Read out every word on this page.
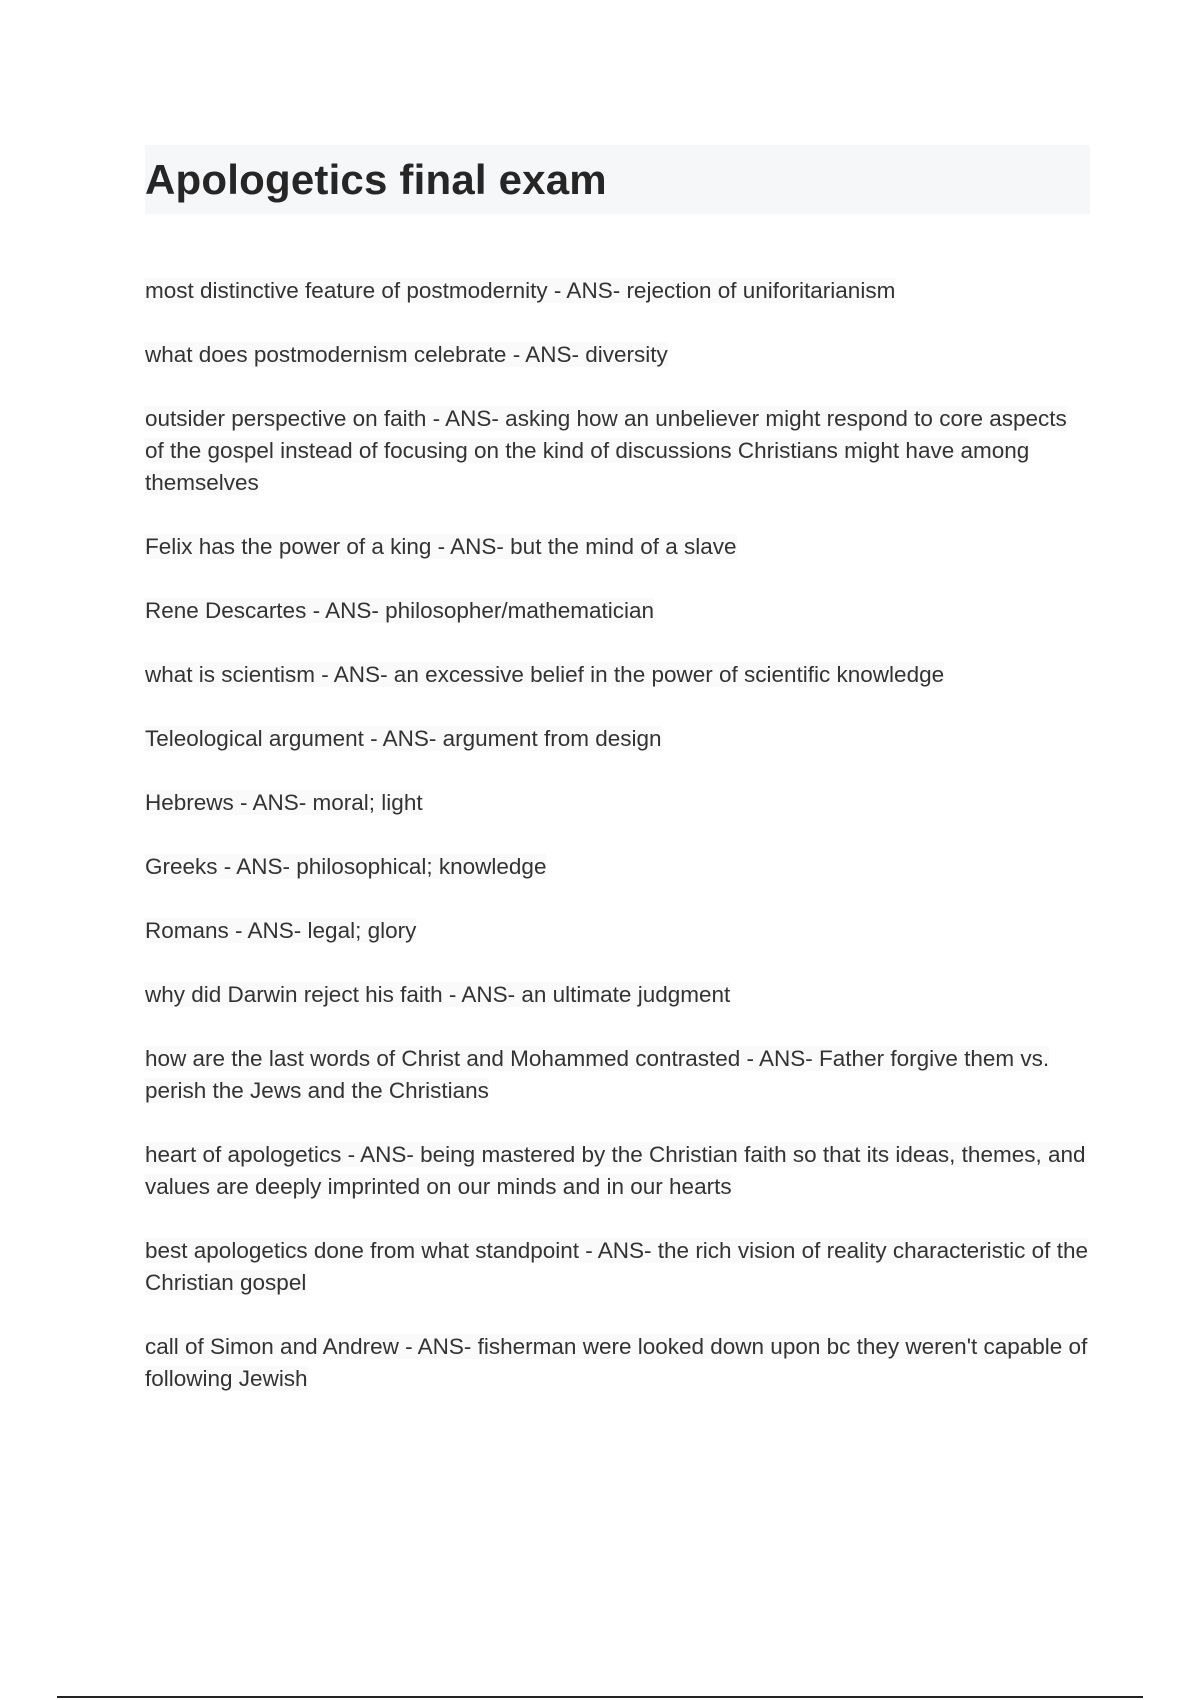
Apologetics final exam
most distinctive feature of postmodernity - ANS- rejection of uniforitarianism
what does postmodernism celebrate - ANS- diversity
outsider perspective on faith - ANS- asking how an unbeliever might respond to core aspects of the gospel instead of focusing on the kind of discussions Christians might have among themselves
Felix has the power of a king - ANS- but the mind of a slave
Rene Descartes - ANS- philosopher/mathematician
what is scientism - ANS- an excessive belief in the power of scientific knowledge
Teleological argument - ANS- argument from design
Hebrews - ANS- moral; light
Greeks - ANS- philosophical; knowledge
Romans - ANS- legal; glory
why did Darwin reject his faith - ANS- an ultimate judgment
how are the last words of Christ and Mohammed contrasted - ANS- Father forgive them vs. perish the Jews and the Christians
heart of apologetics - ANS- being mastered by the Christian faith so that its ideas, themes, and values are deeply imprinted on our minds and in our hearts
best apologetics done from what standpoint - ANS- the rich vision of reality characteristic of the Christian gospel
call of Simon and Andrew - ANS- fisherman were looked down upon bc they weren't capable of following Jewish
